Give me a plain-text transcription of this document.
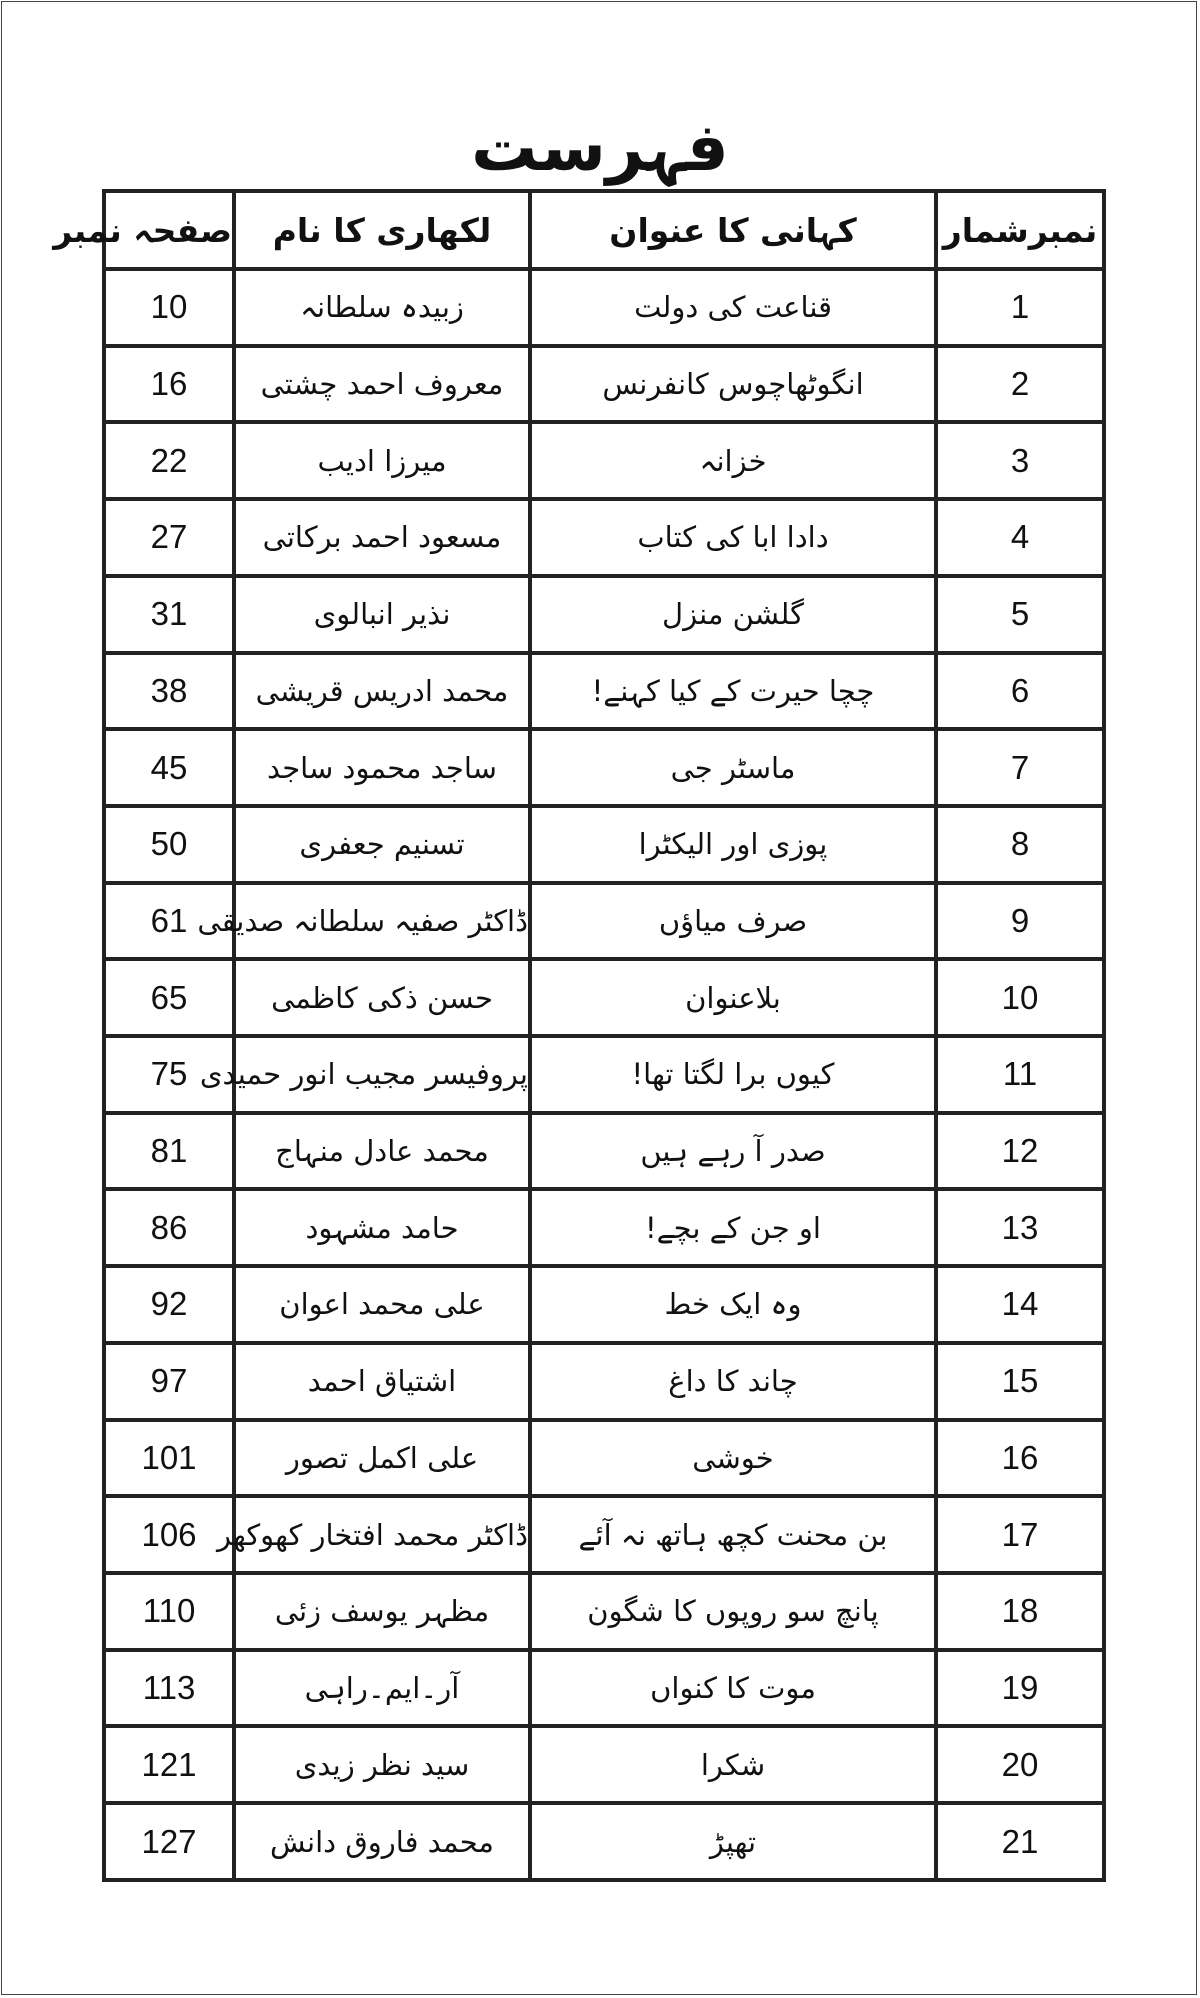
فہرست
نمبرشمار	کہانی کا عنوان	لکھاری کا نام	صفحہ نمبر
1	قناعت کی دولت	زبیدہ سلطانہ	10
2	انگوٹھاچوس کانفرنس	معروف احمد چشتی	16
3	خزانہ	میرزا ادیب	22
4	دادا ابا کی کتاب	مسعود احمد برکاتی	27
5	گلشن منزل	نذیر انبالوی	31
6	چچا حیرت کے کیا کہنے!	محمد ادریس قریشی	38
7	ماسٹر جی	ساجد محمود ساجد	45
8	پوزی اور الیکٹرا	تسنیم جعفری	50
9	صرف میاؤں	ڈاکٹر صفیہ سلطانہ صدیقی	61
10	بلاعنوان	حسن ذکی کاظمی	65
11	کیوں برا لگتا تھا!	پروفیسر مجیب انور حمیدی	75
12	صدر آ رہے ہیں	محمد عادل منہاج	81
13	او جن کے بچے!	حامد مشہود	86
14	وہ ایک خط	علی محمد اعوان	92
15	چاند کا داغ	اشتیاق احمد	97
16	خوشی	علی اکمل تصور	101
17	بن محنت کچھ ہاتھ نہ آئے	ڈاکٹر محمد افتخار کھوکھر	106
18	پانچ سو روپوں کا شگون	مظہر یوسف زئی	110
19	موت کا کنواں	آر۔ایم۔راہی	113
20	شکرا	سید نظر زیدی	121
21	تھپڑ	محمد فاروق دانش	127
